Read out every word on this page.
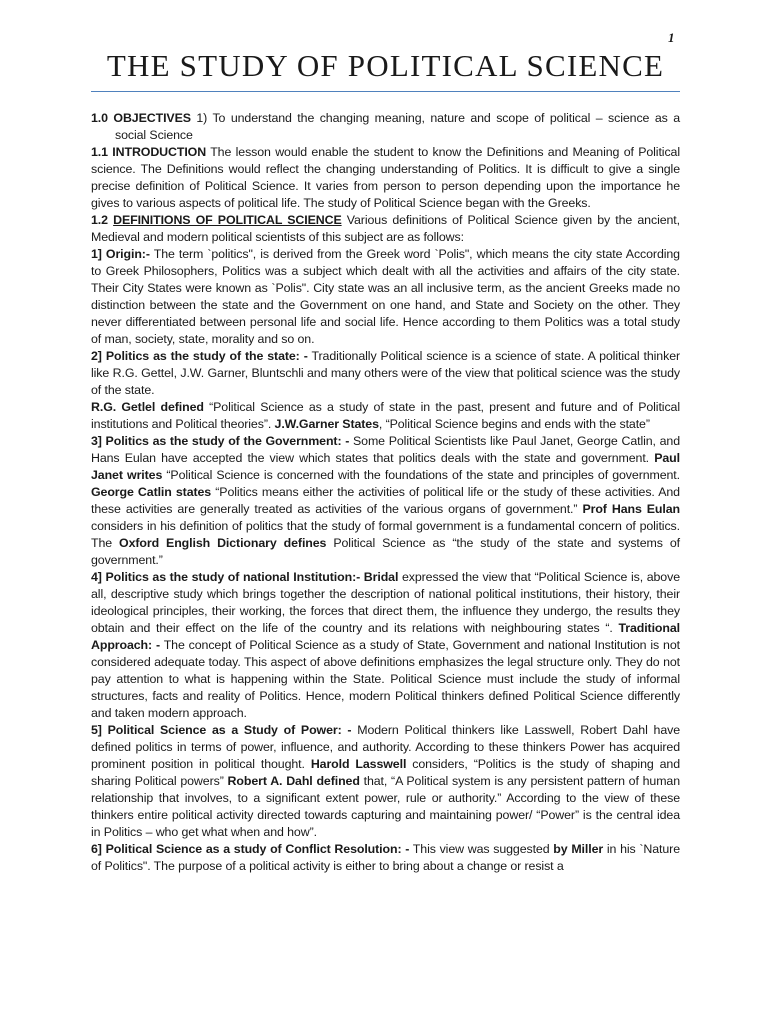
1
THE STUDY OF POLITICAL SCIENCE

1.0 OBJECTIVES 1) To understand the changing meaning, nature and scope of political – science as a social Science

1.1 INTRODUCTION The lesson would enable the student to know the Definitions and Meaning of Political science. The Definitions would reflect the changing understanding of Politics. It is difficult to give a single precise definition of Political Science. It varies from person to person depending upon the importance he gives to various aspects of political life. The study of Political Science began with the Greeks.

1.2 DEFINITIONS OF POLITICAL SCIENCE Various definitions of Political Science given by the ancient, Medieval and modern political scientists of this subject are as follows:

1] Origin:- The term `politics", is derived from the Greek word `Polis", which means the city state According to Greek Philosophers, Politics was a subject which dealt with all the activities and affairs of the city state. Their City States were known as `Polis". City state was an all inclusive term, as the ancient Greeks made no distinction between the state and the Government on one hand, and State and Society on the other. They never differentiated between personal life and social life. Hence according to them Politics was a total study of man, society, state, morality and so on.

2] Politics as the study of the state: - Traditionally Political science is a science of state. A political thinker like R.G. Gettel, J.W. Garner, Bluntschli and many others were of the view that political science was the study of the state.

R.G. Getlel defined “Political Science as a study of state in the past, present and future and of Political institutions and Political theories”. J.W.Garner States, “Political Science begins and ends with the state”

3] Politics as the study of the Government: - Some Political Scientists like Paul Janet, George Catlin, and Hans Eulan have accepted the view which states that politics deals with the state and government. Paul Janet writes “Political Science is concerned with the foundations of the state and principles of government. George Catlin states “Politics means either the activities of political life or the study of these activities. And these activities are generally treated as activities of the various organs of government.” Prof Hans Eulan considers in his definition of politics that the study of formal government is a fundamental concern of politics. The Oxford English Dictionary defines Political Science as “the study of the state and systems of government.”

4] Politics as the study of national Institution:- Bridal expressed the view that “Political Science is, above all, descriptive study which brings together the description of national political institutions, their history, their ideological principles, their working, the forces that direct them, the influence they undergo, the results they obtain and their effect on the life of the country and its relations with neighbouring states “. Traditional Approach: - The concept of Political Science as a study of State, Government and national Institution is not considered adequate today. This aspect of above definitions emphasizes the legal structure only. They do not pay attention to what is happening within the State. Political Science must include the study of informal structures, facts and reality of Politics. Hence, modern Political thinkers defined Political Science differently and taken modern approach.

5] Political Science as a Study of Power: - Modern Political thinkers like Lasswell, Robert Dahl have defined politics in terms of power, influence, and authority. According to these thinkers Power has acquired prominent position in political thought. Harold Lasswell considers, “Politics is the study of shaping and sharing Political powers” Robert A. Dahl defined that, “A Political system is any persistent pattern of human relationship that involves, to a significant extent power, rule or authority.” According to the view of these thinkers entire political activity directed towards capturing and maintaining power/ “Power” is the central idea in Politics – who get what when and how”.

6] Political Science as a study of Conflict Resolution: - This view was suggested by Miller in his `Nature of Politics". The purpose of a political activity is either to bring about a change or resist a
